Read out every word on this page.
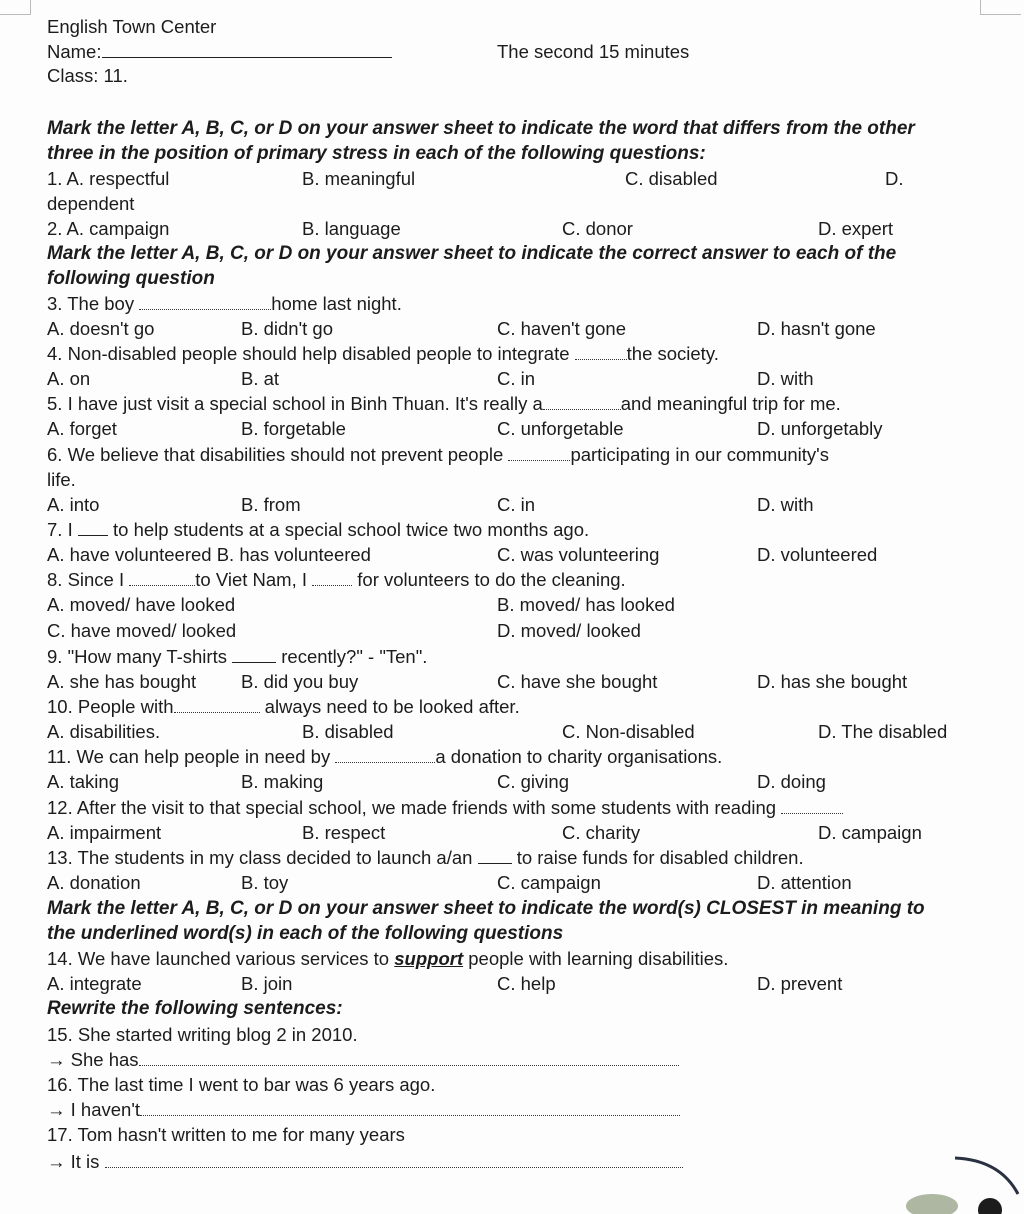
English Town Center
Name:	The second 15 minutes
Class: 11.
Mark the letter A, B, C, or D on your answer sheet to indicate the word that differs from the other
three in the position of primary stress in each of the following questions:
1. A. respectful	B. meaningful	C. disabled	D.
dependent
2. A. campaign	B. language	C. donor	D. expert
Mark the letter A, B, C, or D on your answer sheet to indicate the correct answer to each of the
following question
3. The boy	home last night.
A. doesn't go	B. didn't go	C. haven't gone	D. hasn't gone
4. Non-disabled people should help disabled people to integrate	the society.
A. on	B. at	C. in	D. with
5. I have just visit a special school in Binh Thuan. It's really a	and meaningful trip for me.
A. forget	B. forgetable	C. unforgetable	D. unforgetably
6. We believe that disabilities should not prevent people	participating in our community's
life.
A. into	B. from	C. in	D. with
7. I  to help students at a special school twice two months ago.
A. have volunteered B. has volunteered	C. was volunteering	D. volunteered
8. Since I	to Viet Nam, I  for volunteers to do the cleaning.
A. moved/ have looked	B. moved/ has looked
C. have moved/ looked	D. moved/ looked
9. "How many T-shirts  recently?" - "Ten".
A. she has bought B. did you buy	C. have she bought	D. has she bought
10. People with	always need to be looked after.
A. disabilities.	B. disabled	C. Non-disabled	D. The disabled
11. We can help people in need by	a donation to charity organisations.
A. taking	B. making	C. giving	D. doing
12. After the visit to that special school, we made friends with some students with reading
A. impairment	B. respect	C. charity	D. campaign
13. The students in my class decided to launch a/an  to raise funds for disabled children.
A. donation	B. toy	C. campaign	D. attention
Mark the letter A, B, C, or D on your answer sheet to indicate the word(s) CLOSEST in meaning to
the underlined word(s) in each of the following questions
14. We have launched various services to support people with learning disabilities.
A. integrate	B. join	C. help	D. prevent
Rewrite the following sentences:
15. She started writing blog 2 in 2010.
→ She has
16. The last time I went to bar was 6 years ago.
→ I haven't
17. Tom hasn't written to me for many years
→ It is
